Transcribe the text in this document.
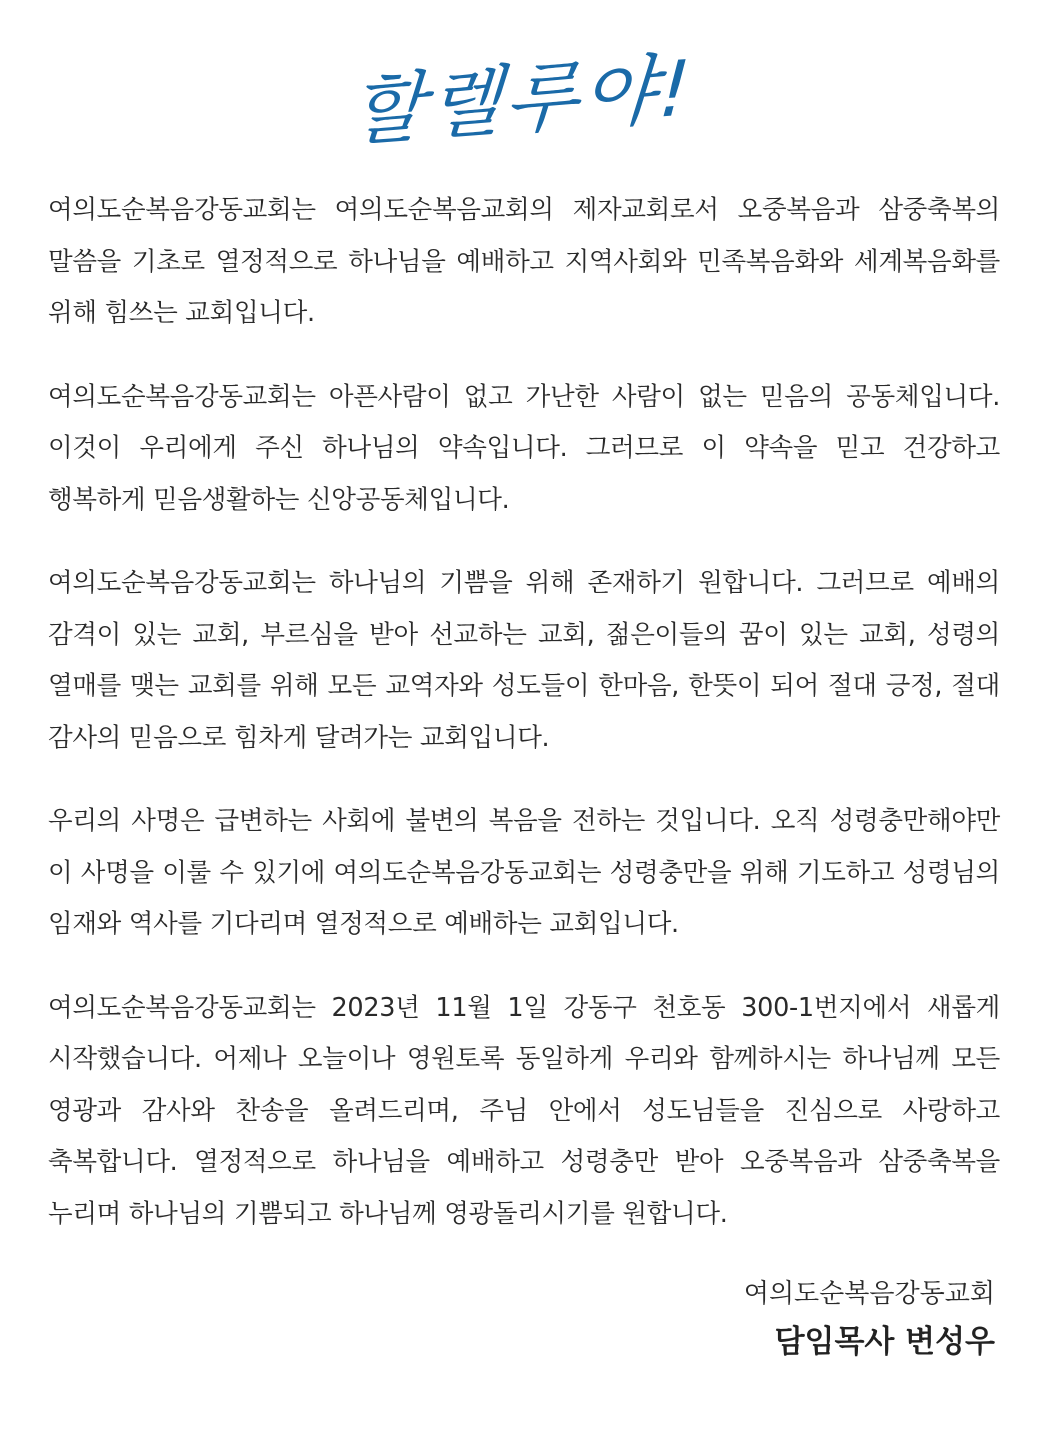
할렐루야!

여의도순복음강동교회는 여의도순복음교회의 제자교회로서 오중복음과 삼중축복의 말씀을 기초로 열정적으로 하나님을 예배하고 지역사회와 민족복음화와 세계복음화를 위해 힘쓰는 교회입니다.

여의도순복음강동교회는 아픈사람이 없고 가난한 사람이 없는 믿음의 공동체입니다. 이것이 우리에게 주신 하나님의 약속입니다. 그러므로 이 약속을 믿고 건강하고 행복하게 믿음생활하는 신앙공동체입니다.

여의도순복음강동교회는 하나님의 기쁨을 위해 존재하기 원합니다. 그러므로 예배의 감격이 있는 교회, 부르심을 받아 선교하는 교회, 젊은이들의 꿈이 있는 교회, 성령의 열매를 맺는 교회를 위해 모든 교역자와 성도들이 한마음, 한뜻이 되어 절대 긍정, 절대 감사의 믿음으로 힘차게 달려가는 교회입니다.

우리의 사명은 급변하는 사회에 불변의 복음을 전하는 것입니다. 오직 성령충만해야만 이 사명을 이룰 수 있기에 여의도순복음강동교회는 성령충만을 위해 기도하고 성령님의 임재와 역사를 기다리며 열정적으로 예배하는 교회입니다.

여의도순복음강동교회는 2023년 11월 1일 강동구 천호동 300-1번지에서 새롭게 시작했습니다. 어제나 오늘이나 영원토록 동일하게 우리와 함께하시는 하나님께 모든 영광과 감사와 찬송을 올려드리며, 주님 안에서 성도님들을 진심으로 사랑하고 축복합니다. 열정적으로 하나님을 예배하고 성령충만 받아 오중복음과 삼중축복을 누리며 하나님의 기쁨되고 하나님께 영광돌리시기를 원합니다.

여의도순복음강동교회
담임목사 변성우
